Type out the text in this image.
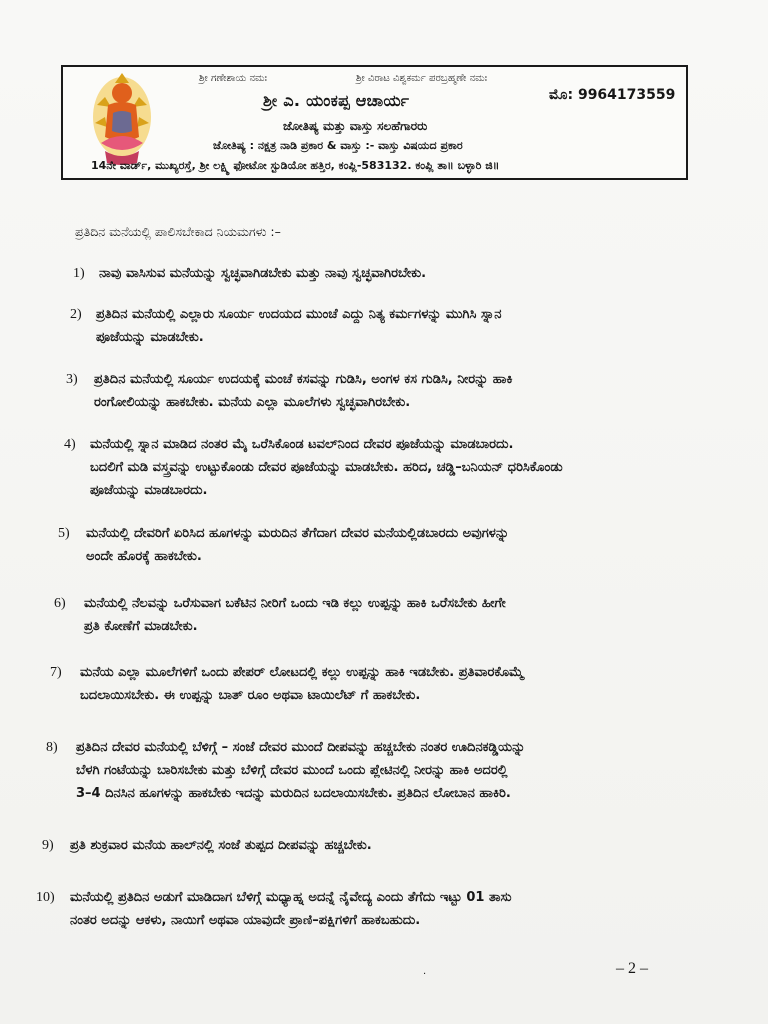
ಶ್ರೀ ಗಣೇಶಾಯ ನಮಃ	ಶ್ರೀ ವಿರಾಟ ವಿಶ್ವಕರ್ಮ ಪರಬ್ರಹ್ಮಣೇ ನಮಃ
ಶ್ರೀ ಎ. ಯಂಕಪ್ಪ ಆಚಾರ್ಯ	ಮೊ: 9964173559
ಜೋತಿಷ್ಯ ಮತ್ತು ವಾಸ್ತು ಸಲಹೆಗಾರರು
ಜೋತಿಷ್ಯ : ನಕ್ಷತ್ರ ನಾಡಿ ಪ್ರಕಾರ & ವಾಸ್ತು :- ವಾಸ್ತು ವಿಷಯದ ಪ್ರಕಾರ
14ನೇ ವಾರ್ಡ್, ಮುಖ್ಯರಸ್ತೆ, ಶ್ರೀ ಲಕ್ಷ್ಮಿ ಫೋಟೋ ಸ್ಟುಡಿಯೋ ಹತ್ತಿರ, ಕಂಪ್ಲಿ-583132. ಕಂಪ್ಲಿ ತಾ॥ ಬಳ್ಳಾರಿ ಜಿ॥
ಪ್ರತಿದಿನ ಮನೆಯಲ್ಲಿ ಪಾಲಿಸಬೇಕಾದ ನಿಯಮಗಳು :–
1) ನಾವು ವಾಸಿಸುವ ಮನೆಯನ್ನು ಸ್ವಚ್ಛವಾಗಿಡಬೇಕು ಮತ್ತು ನಾವು ಸ್ವಚ್ಛವಾಗಿರಬೇಕು.
2) ಪ್ರತಿದಿನ ಮನೆಯಲ್ಲಿ ಎಲ್ಲಾರು ಸೂರ್ಯ ಉದಯದ ಮುಂಚೆ ಎದ್ದು ನಿತ್ಯ ಕರ್ಮಗಳನ್ನು ಮುಗಿಸಿ ಸ್ನಾನ
ಪೂಜೆಯನ್ನು ಮಾಡಬೇಕು.
3) ಪ್ರತಿದಿನ ಮನೆಯಲ್ಲಿ ಸೂರ್ಯ ಉದಯಕ್ಕೆ ಮಂಚೆ ಕಸವನ್ನು ಗುಡಿಸಿ, ಅಂಗಳ ಕಸ ಗುಡಿಸಿ, ನೀರನ್ನು ಹಾಕಿ
ರಂಗೋಲಿಯನ್ನು ಹಾಕಬೇಕು. ಮನೆಯ ಎಲ್ಲಾ ಮೂಲೆಗಳು ಸ್ವಚ್ಛವಾಗಿರಬೇಕು.
4) ಮನೆಯಲ್ಲಿ ಸ್ನಾನ ಮಾಡಿದ ನಂತರ ಮೈ ಒರೆಸಿಕೊಂಡ ಟವಲ್‌ನಿಂದ ದೇವರ ಪೂಜೆಯನ್ನು ಮಾಡಬಾರದು.
ಬದಲಿಗೆ ಮಡಿ ವಸ್ತ್ರವನ್ನು ಉಟ್ಟುಕೊಂಡು ದೇವರ ಪೂಜೆಯನ್ನು ಮಾಡಬೇಕು. ಹರಿದ, ಚಡ್ಡಿ–ಬನಿಯನ್ ಧರಿಸಿಕೊಂಡು
ಪೂಜೆಯನ್ನು ಮಾಡಬಾರದು.
5) ಮನೆಯಲ್ಲಿ ದೇವರಿಗೆ ಏರಿಸಿದ ಹೂಗಳನ್ನು ಮರುದಿನ ತೆಗೆದಾಗ ದೇವರ ಮನೆಯಲ್ಲಿಡಬಾರದು ಅವುಗಳನ್ನು
ಅಂದೇ ಹೊರಕ್ಕೆ ಹಾಕಬೇಕು.
6) ಮನೆಯಲ್ಲಿ ನೆಲವನ್ನು ಒರೆಸುವಾಗ ಬಕೆಟಿನ ನೀರಿಗೆ ಒಂದು ಇಡಿ ಕಲ್ಲು ಉಪ್ಪನ್ನು ಹಾಕಿ ಒರೆಸಬೇಕು ಹೀಗೇ
ಪ್ರತಿ ಕೋಣೆಗೆ ಮಾಡಬೇಕು.
7) ಮನೆಯ ಎಲ್ಲಾ ಮೂಲೆಗಳಿಗೆ ಒಂದು ಪೇಪರ್ ಲೋಟದಲ್ಲಿ ಕಲ್ಲು ಉಪ್ಪನ್ನು ಹಾಕಿ ಇಡಬೇಕು. ಪ್ರತಿವಾರಕೊಮ್ಮೆ
ಬದಲಾಯಿಸಬೇಕು. ಈ ಉಪ್ಪನ್ನು ಬಾತ್ ರೂಂ ಅಥವಾ ಟಾಯಿಲೆಟ್ ಗೆ ಹಾಕಬೇಕು.
8) ಪ್ರತಿದಿನ ದೇವರ ಮನೆಯಲ್ಲಿ ಬೆಳಿಗ್ಗೆ – ಸಂಜೆ ದೇವರ ಮುಂದೆ ದೀಪವನ್ನು ಹಚ್ಚಬೇಕು ನಂತರ ಊದಿನಕಡ್ಡಿಯನ್ನು
ಬೆಳಗಿ ಗಂಟೆಯನ್ನು ಬಾರಿಸಬೇಕು ಮತ್ತು ಬೆಳಿಗ್ಗೆ ದೇವರ ಮುಂದೆ ಒಂದು ಪ್ಲೇಟಿನಲ್ಲಿ ನೀರನ್ನು ಹಾಕಿ ಅದರಲ್ಲಿ
3–4 ದಿನಸಿನ ಹೂಗಳನ್ನು ಹಾಕಬೇಕು ಇದನ್ನು ಮರುದಿನ ಬದಲಾಯಿಸಬೇಕು. ಪ್ರತಿದಿನ ಲೋಬಾನ ಹಾಕಿರಿ.
9) ಪ್ರತಿ ಶುಕ್ರವಾರ ಮನೆಯ ಹಾಲ್‌ನಲ್ಲಿ ಸಂಜೆ ತುಪ್ಪದ ದೀಪವನ್ನು ಹಚ್ಚಬೇಕು.
10) ಮನೆಯಲ್ಲಿ ಪ್ರತಿದಿನ ಅಡುಗೆ ಮಾಡಿದಾಗ ಬೆಳಿಗ್ಗೆ ಮಧ್ಯಾಹ್ನ ಅದನ್ನೆ ನೈವೇದ್ಯ ಎಂದು ತೆಗೆದು ಇಟ್ಟು 01 ತಾಸು
ನಂತರ ಅದನ್ನು ಆಕಳು, ನಾಯಿಗೆ ಅಥವಾ ಯಾವುದೇ ಪ್ರಾಣಿ–ಪಕ್ಷಿಗಳಿಗೆ ಹಾಕಬಹುದು.
.	– 2 –
